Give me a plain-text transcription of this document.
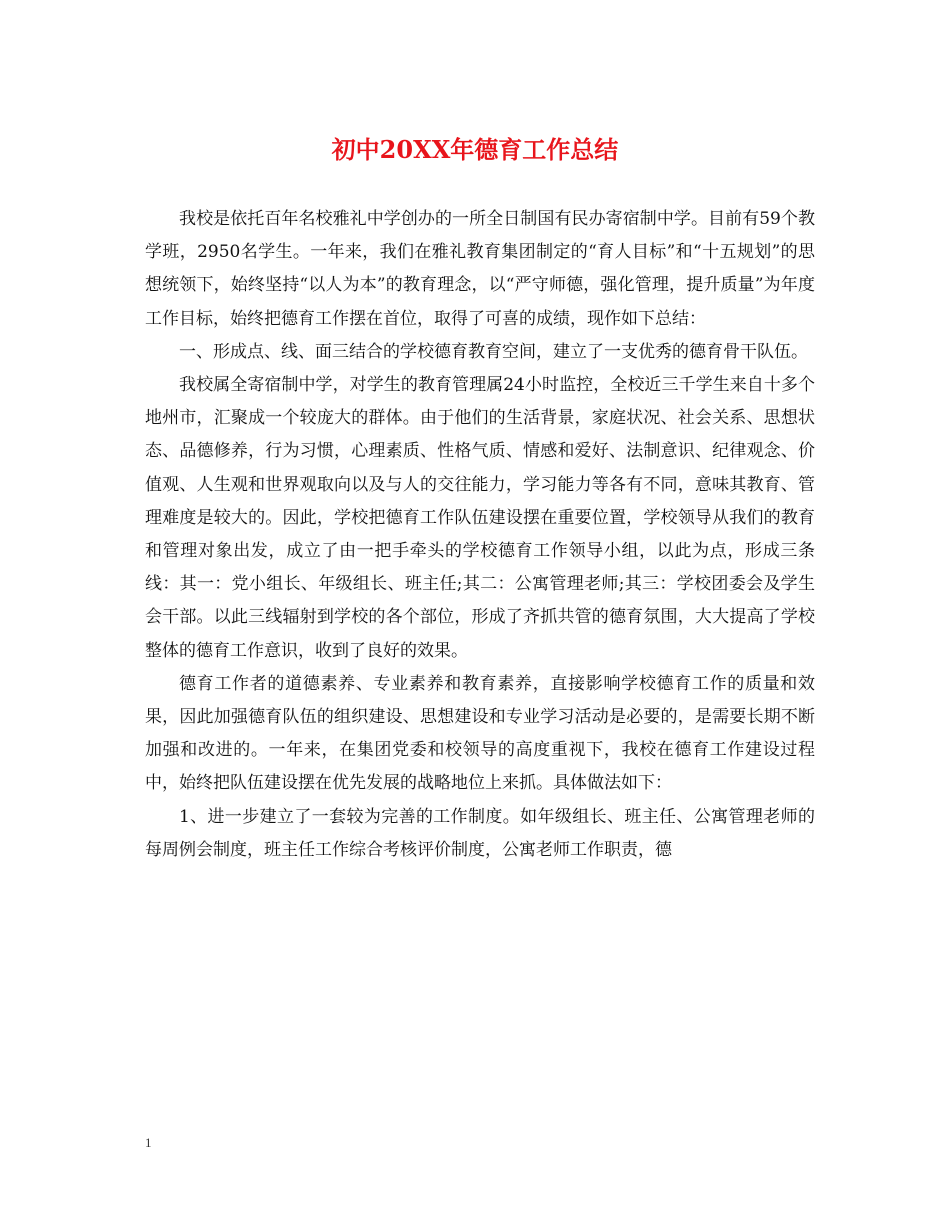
初中20XX年德育工作总结

我校是依托百年名校雅礼中学创办的一所全日制国有民办寄宿制中学。目前有59个教学班，2950名学生。一年来，我们在雅礼教育集团制定的“育人目标”和“十五规划”的思想统领下，始终坚持“以人为本”的教育理念，以“严守师德，强化管理，提升质量”为年度工作目标，始终把德育工作摆在首位，取得了可喜的成绩，现作如下总结：

一、形成点、线、面三结合的学校德育教育空间，建立了一支优秀的德育骨干队伍。

我校属全寄宿制中学，对学生的教育管理属24小时监控，全校近三千学生来自十多个地州市，汇聚成一个较庞大的群体。由于他们的生活背景，家庭状况、社会关系、思想状态、品德修养，行为习惯，心理素质、性格气质、情感和爱好、法制意识、纪律观念、价值观、人生观和世界观取向以及与人的交往能力，学习能力等各有不同，意味其教育、管理难度是较大的。因此，学校把德育工作队伍建设摆在重要位置，学校领导从我们的教育和管理对象出发，成立了由一把手牵头的学校德育工作领导小组，以此为点，形成三条线：其一：党小组长、年级组长、班主任;其二：公寓管理老师;其三：学校团委会及学生会干部。以此三线辐射到学校的各个部位，形成了齐抓共管的德育氛围，大大提高了学校整体的德育工作意识，收到了良好的效果。

德育工作者的道德素养、专业素养和教育素养，直接影响学校德育工作的质量和效果，因此加强德育队伍的组织建设、思想建设和专业学习活动是必要的，是需要长期不断加强和改进的。一年来，在集团党委和校领导的高度重视下，我校在德育工作建设过程中，始终把队伍建设摆在优先发展的战略地位上来抓。具体做法如下：

1、进一步建立了一套较为完善的工作制度。如年级组长、班主任、公寓管理老师的每周例会制度，班主任工作综合考核评价制度，公寓老师工作职责，德

1
